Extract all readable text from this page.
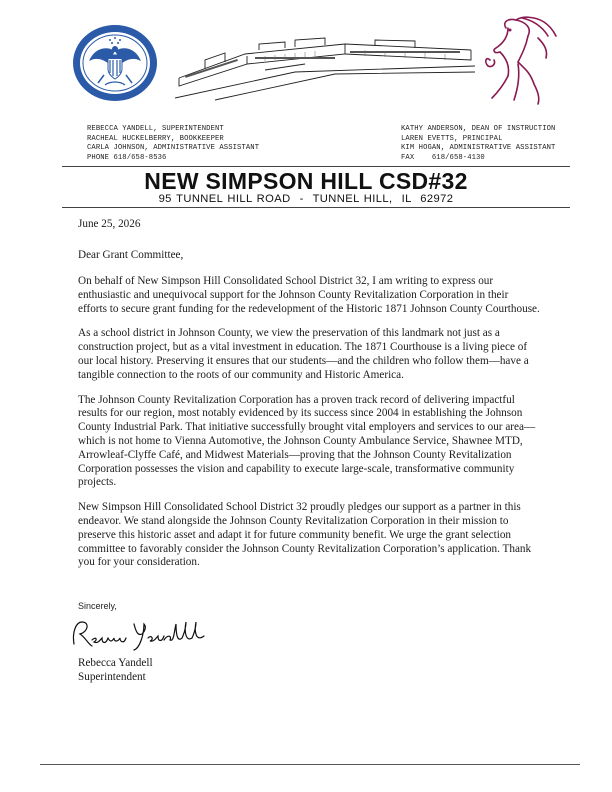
REBECCA YANDELL, SUPERINTENDENT
RACHEAL HUCKELBERRY, BOOKKEEPER
CARLA JOHNSON, ADMINISTRATIVE ASSISTANT
PHONE 618/658-8536
KATHY ANDERSON, DEAN OF INSTRUCTION
LAREN EVETTS, PRINCIPAL
KIM HOGAN, ADMINISTRATIVE ASSISTANT
FAX    618/658-4130
NEW SIMPSON HILL CSD#32
95 TUNNEL HILL ROAD  -  TUNNEL HILL,  IL  62972
June 25, 2026
Dear Grant Committee,

On behalf of New Simpson Hill Consolidated School District 32, I am writing to express our enthusiastic and unequivocal support for the Johnson County Revitalization Corporation in their efforts to secure grant funding for the redevelopment of the Historic 1871 Johnson County Courthouse.

As a school district in Johnson County, we view the preservation of this landmark not just as a construction project, but as a vital investment in education. The 1871 Courthouse is a living piece of our local history. Preserving it ensures that our students—and the children who follow them—have a tangible connection to the roots of our community and Historic America.

The Johnson County Revitalization Corporation has a proven track record of delivering impactful results for our region, most notably evidenced by its success since 2004 in establishing the Johnson County Industrial Park. That initiative successfully brought vital employers and services to our area—which is not home to Vienna Automotive, the Johnson County Ambulance Service, Shawnee MTD, Arrowleaf-Clyffe Café, and Midwest Materials—proving that the Johnson County Revitalization Corporation possesses the vision and capability to execute large-scale, transformative community projects.

New Simpson Hill Consolidated School District 32 proudly pledges our support as a partner in this endeavor. We stand alongside the Johnson County Revitalization Corporation in their mission to preserve this historic asset and adapt it for future community benefit. We urge the grant selection committee to favorably consider the Johnson County Revitalization Corporation’s application. Thank you for your consideration.

Sincerely,
Rebecca Yandell
Superintendent
